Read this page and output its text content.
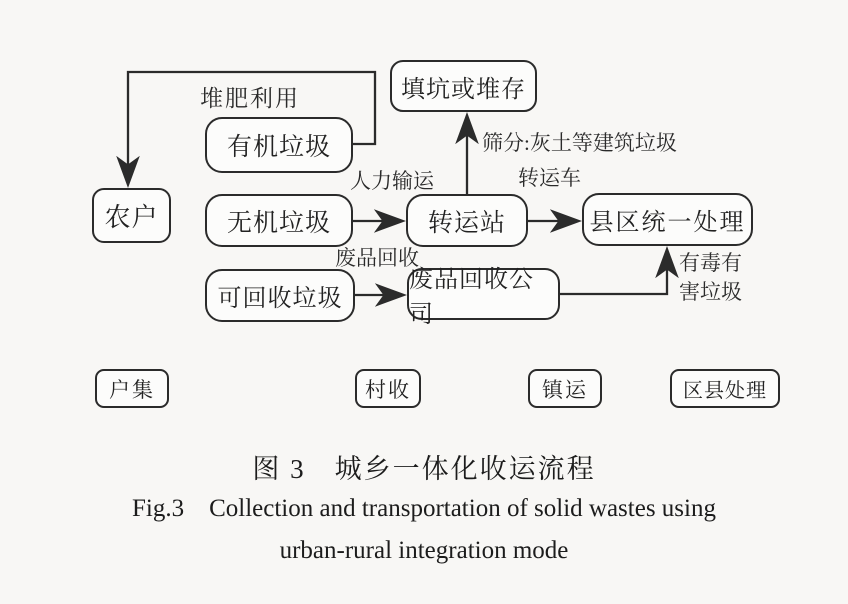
农户
有机垃圾
无机垃圾
可回收垃圾
填坑或堆存
转运站	县区统一处理
废品回收公司
户集	村收	镇运	区县处理
堆肥利用
人力输运
筛分:灰土等建筑垃圾
转运车
废品回收	有毒有
害垃圾
图 3 城乡一体化收运流程
Fig.3 Collection and transportation of solid wastes using
urban-rural integration mode
